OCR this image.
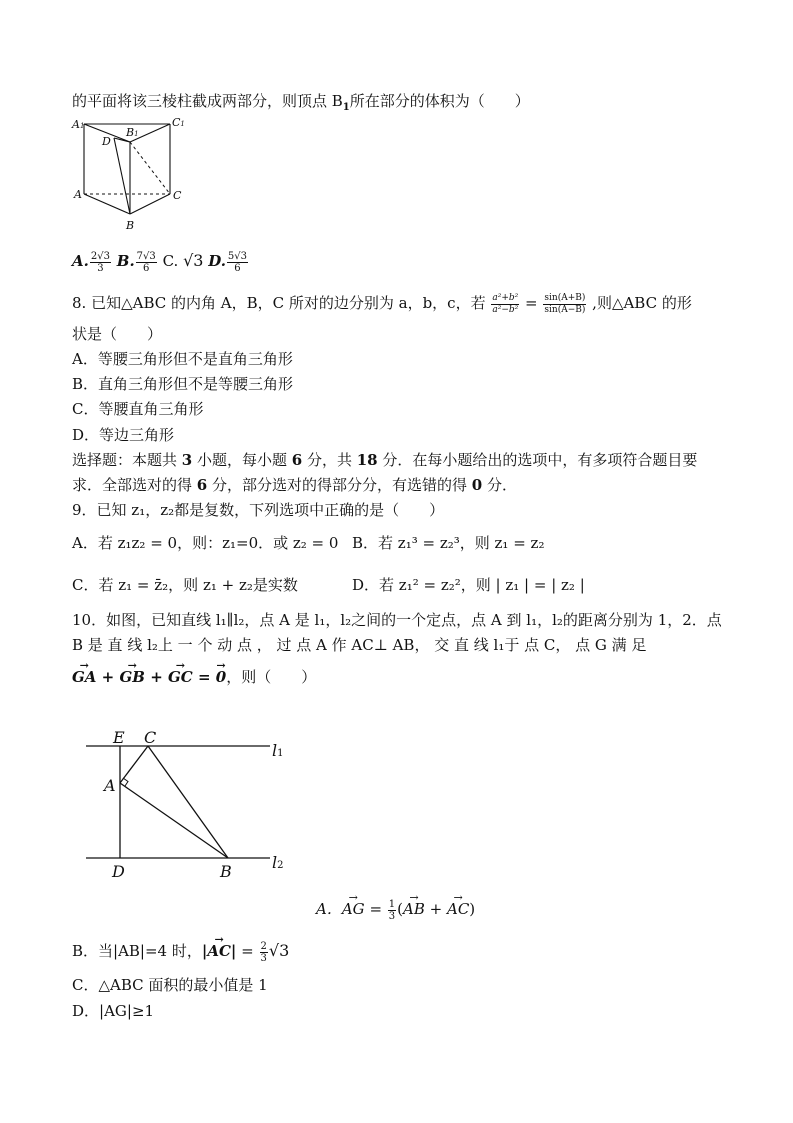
的平面将该三棱柱截成两部分，则顶点 $B_1$所在部分的体积为（　　）
A1	B1
C1
D
A	C
B
A. $\frac{2√3}{3} B$. $\frac{7√3}{6} C$. √3 D. $\frac{5√3}{6}$
8. 已知△ABC 的内角 A，B，C 所对的边分别为 a，b，c，若 $\frac{\text{a²+b²}}{\text{a²−b²}} = \frac{\sin(A+B)}{\sin(A-B)}$ ,则△ABC 的形
状是（　　）
A．等腰三角形但不是直角三角形
B．直角三角形但不是等腰三角形
C．等腰直角三角形
D．等边三角形
选择题：本题共 3 小题，每小题 6 分，共 18 分．在每小题给出的选项中，有多项符合题目要
求．全部选对的得 6 分，部分选对的得部分分，有选错的得 0 分．
9．已知 z₁，z₂都是复数，下列选项中正确的是（　　）
A．若 z₁z₂ = 0，则：z₁=0．或 z₂ = 0 B．若 z₁³ = z₂³，则 z₁ = z₂
C．若 z₁ = z̄₂，则 z₁ + z₂是实数	D．若 z₁² = z₂²，则 | z₁ | = | z₂ |
10．如图，已知直线 l₁∥l₂，点 A 是 l₁，l₂之间的一个定点，点 A 到 l₁，l₂的距离分别为 1，2．点
B 是 直 线 l₂上 一 个 动 点 ， 过 点 A 作 AC⊥ AB， 交 直 线 l₁于 点 C， 点 G 满 足
→ GA + → GB + → GC = → 0，则（　　）
E C
A
D	B
l1
l2
A．→ AG = $\frac{1}{3}$ (→ AB + → AC)
B．当|AB|=4 时，|→ $AC| = \frac{2}{3} √3$
C．△ABC 面积的最小值是 1
D．|AG|≥1
